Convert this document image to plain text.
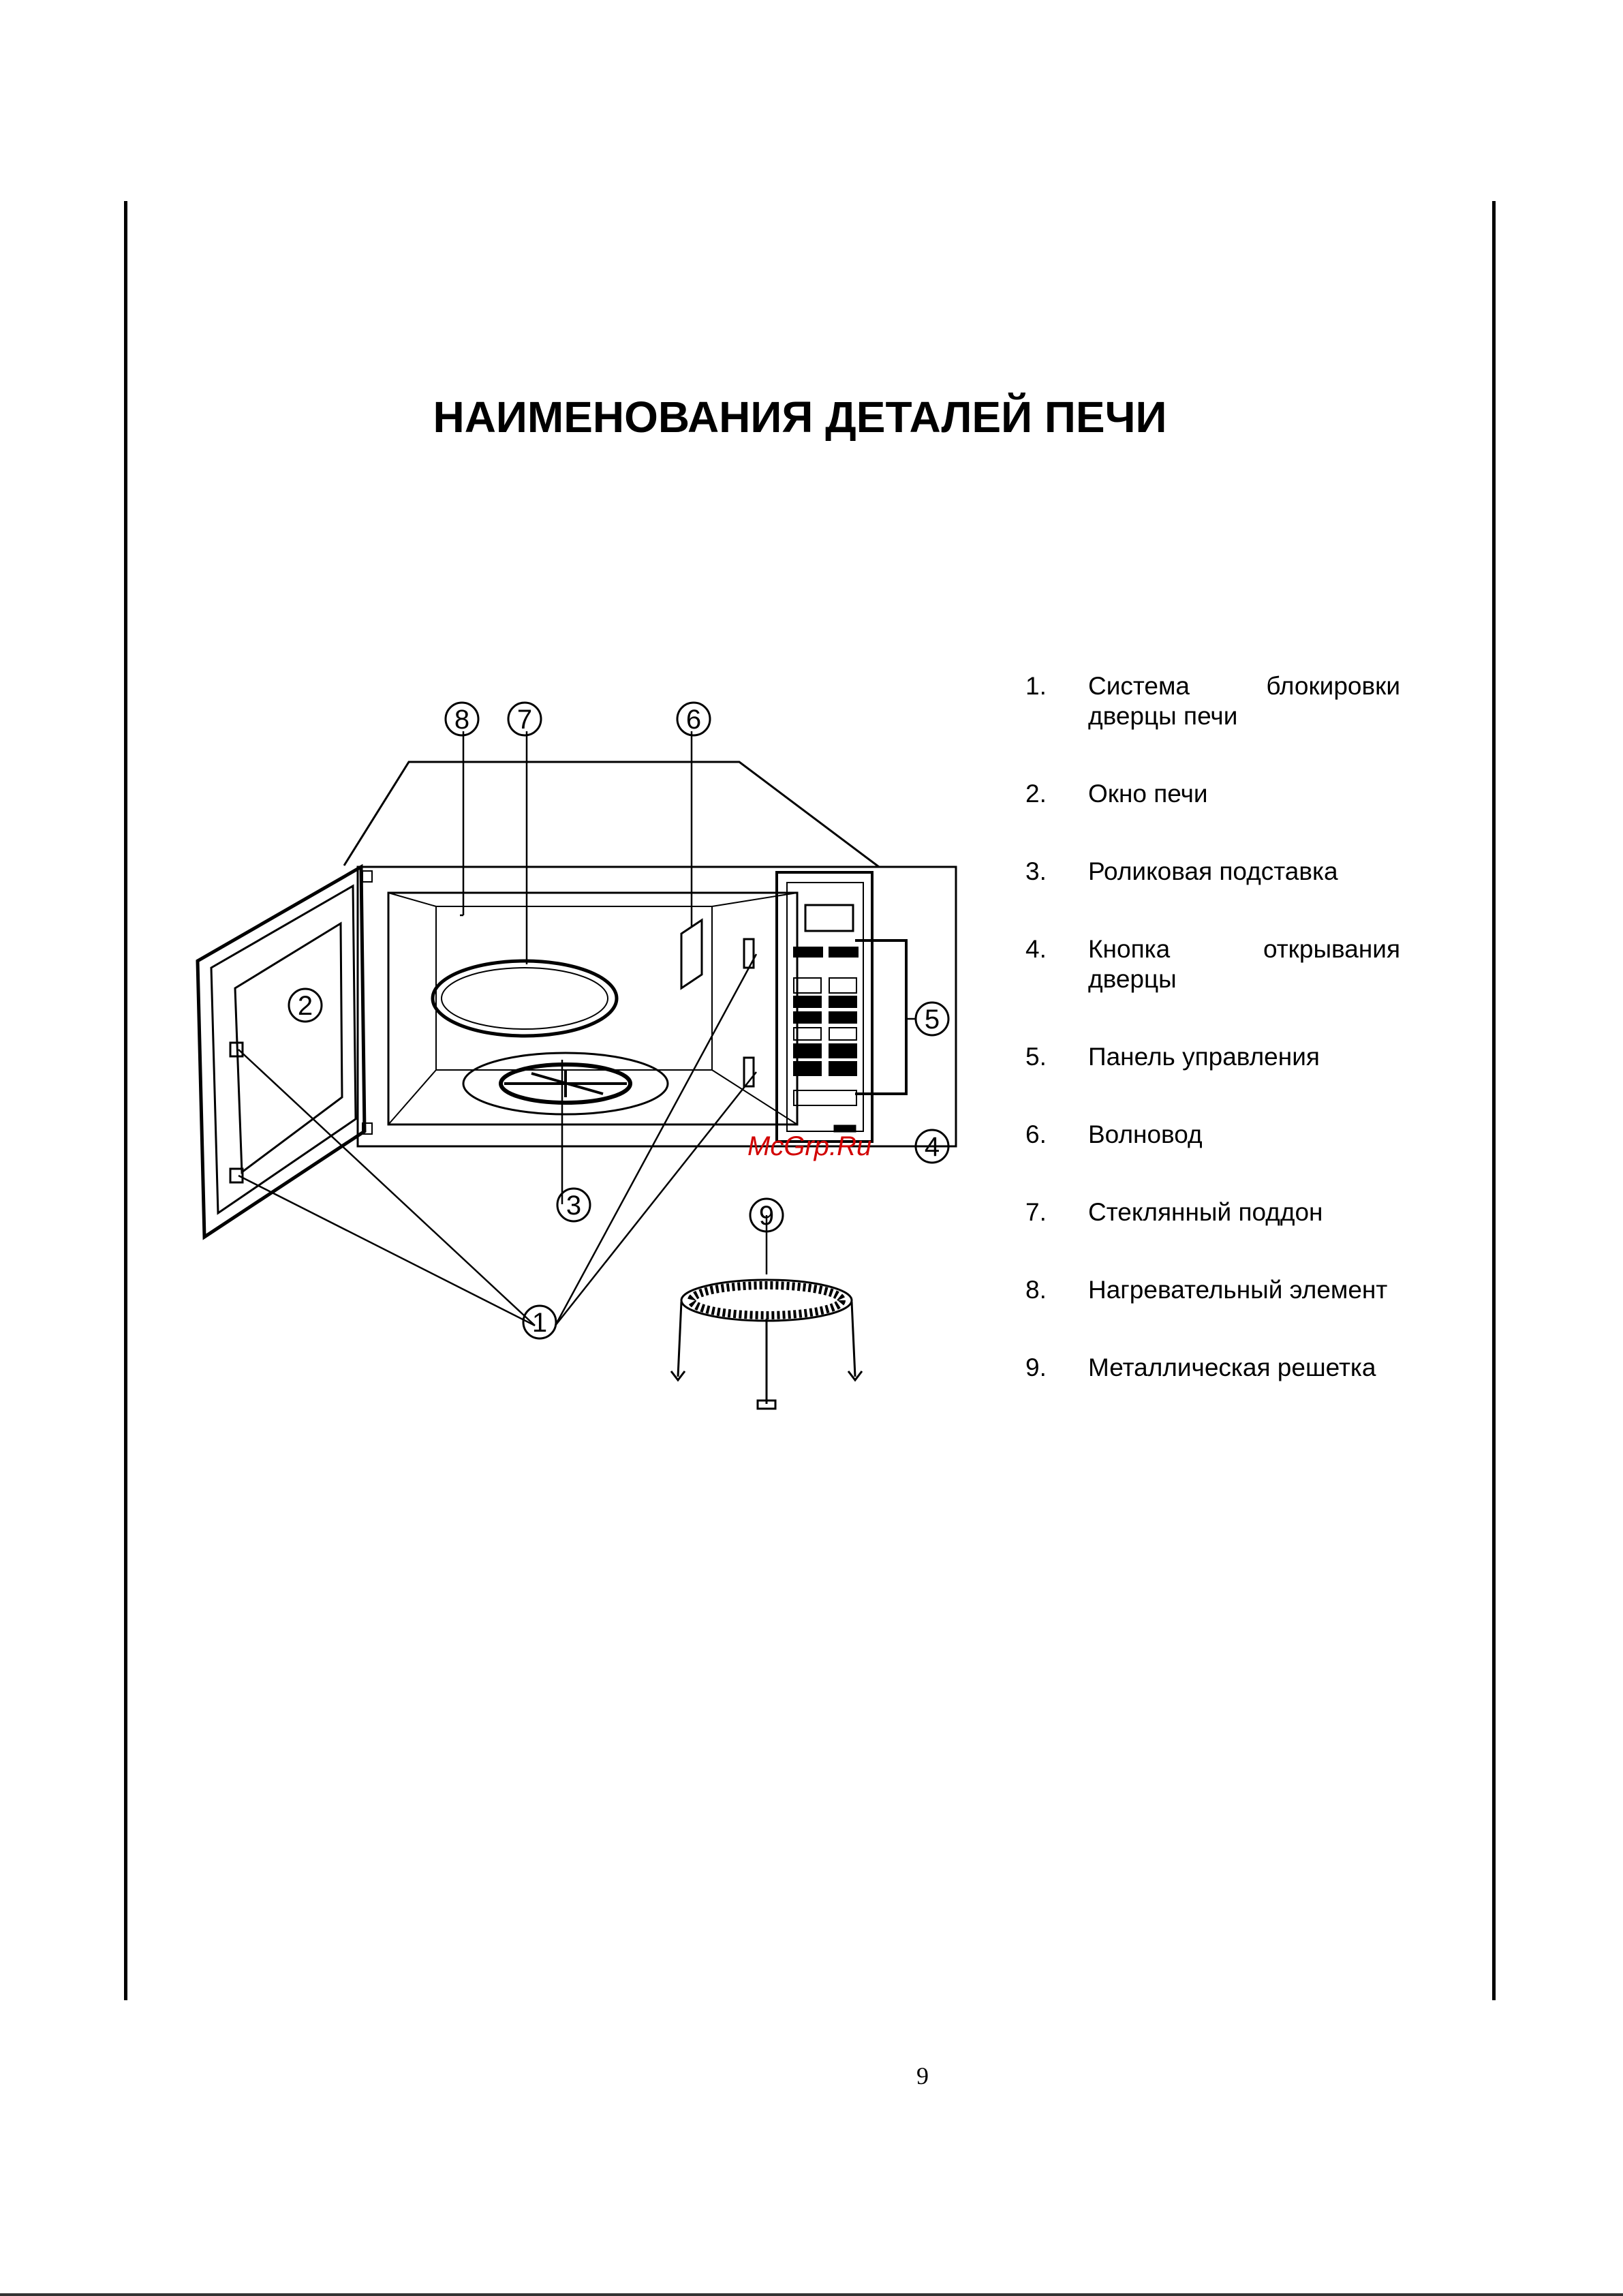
НАИМЕНОВАНИЯ ДЕТАЛЕЙ ПЕЧИ
8 7	6
2	5
4
3	9
1
McGrp.Ru
1.	Система блокировки дверцы печи
2.	Окно печи
3.	Роликовая подставка
4.	Кнопка открывания дверцы
5.	Панель управления
6.	Волновод
7.	Стеклянный поддон
8.	Нагревательный элемент
9.	Металлическая решетка
9
